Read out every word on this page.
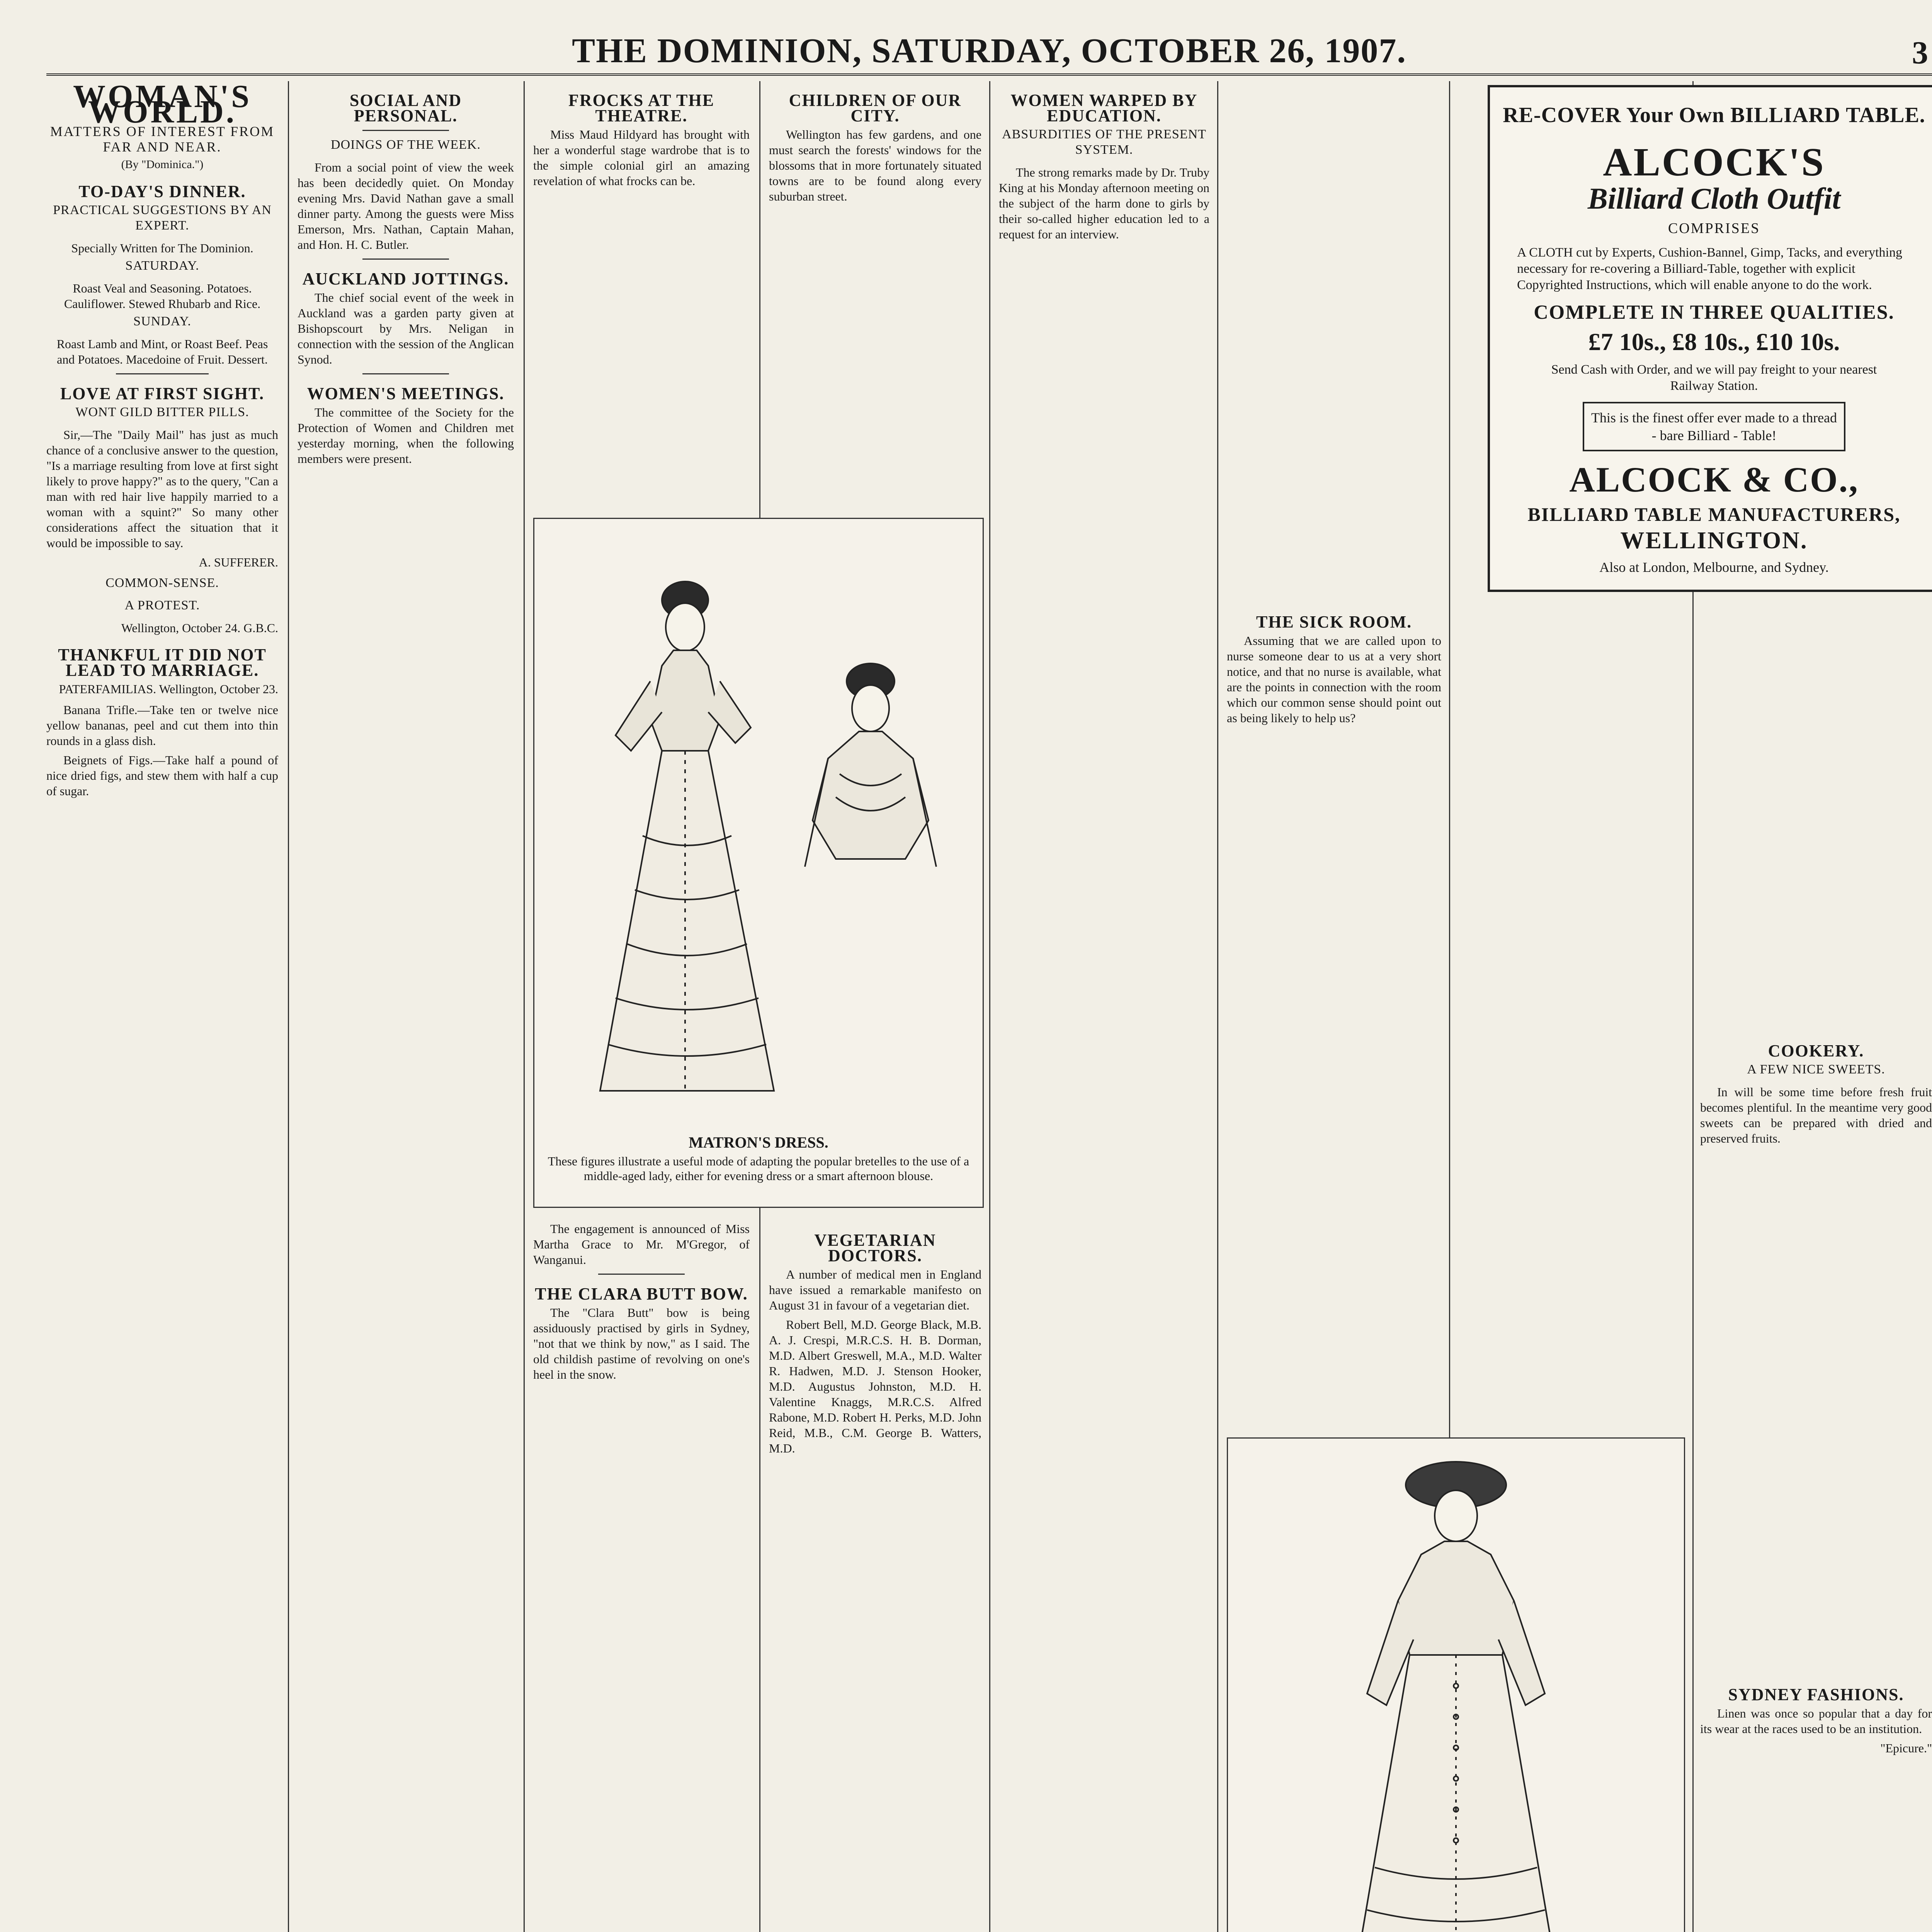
THE DOMINION, SATURDAY, OCTOBER 26, 1907.	3
WOMAN'S WORLD.
MATTERS OF INTEREST FROM FAR AND NEAR.
(By "Dominica.")
TO-DAY'S DINNER.
PRACTICAL SUGGESTIONS BY AN EXPERT.
Specially Written for The Dominion.
SATURDAY.
Roast Veal and Seasoning. Potatoes. Cauliflower. Stewed Rhubarb and Rice.
SUNDAY.
Roast Lamb and Mint, or Roast Beef. Peas and Potatoes. Macedoine of Fruit. Dessert.
LOVE AT FIRST SIGHT.
WONT GILD BITTER PILLS.

Sir,—The "Daily Mail" has just as much chance of a conclusive answer to the question, "Is a marriage resulting from love at first sight likely to prove happy?" as to the query, "Can a man with red hair live happily married to a woman with a squint?" So many other considerations affect the situation that it would be impossible to say.

A. SUFFERER.
COMMON-SENSE.
A PROTEST.
Wellington, October 24. G.B.C.
THANKFUL IT DID NOT LEAD TO MARRIAGE.
PATERFAMILIAS. Wellington, October 23.

Banana Trifle.—Take ten or twelve nice yellow bananas, peel and cut them into thin rounds in a glass dish.

Beignets of Figs.—Take half a pound of nice dried figs, and stew them with half a cup of sugar.

SOCIAL AND PERSONAL.
DOINGS OF THE WEEK.

From a social point of view the week has been decidedly quiet. On Monday evening Mrs. David Nathan gave a small dinner party. Among the guests were Miss Emerson, Mrs. Nathan, Captain Mahan, and Hon. H. C. Butler.

AUCKLAND JOTTINGS.

The chief social event of the week in Auckland was a garden party given at Bishopscourt by Mrs. Neligan in connection with the session of the Anglican Synod.

WOMEN'S MEETINGS.

The committee of the Society for the Protection of Women and Children met yesterday morning, when the following members were present.

FROCKS AT THE THEATRE.

Miss Maud Hildyard has brought with her a wonderful stage wardrobe that is to the simple colonial girl an amazing revelation of what frocks can be.

MATRON'S DRESS.
These figures illustrate a useful mode of adapting the popular bretelles to the use of a middle-aged lady, either for evening dress or a smart afternoon blouse.

The engagement is announced of Miss Martha Grace to Mr. M'Gregor, of Wanganui.

THE CLARA BUTT BOW.

The "Clara Butt" bow is being assiduously practised by girls in Sydney, "not that we think by now," as I said. The old childish pastime of revolving on one's heel in the snow.

CHILDREN OF OUR CITY.

Wellington has few gardens, and one must search the forests' windows for the blossoms that in more fortunately situated towns are to be found along every suburban street.

VEGETARIAN DOCTORS.

A number of medical men in England have issued a remarkable manifesto on August 31 in favour of a vegetarian diet.

Robert Bell, M.D. George Black, M.B. A. J. Crespi, M.R.C.S. H. B. Dorman, M.D. Albert Greswell, M.A., M.D. Walter R. Hadwen, M.D. J. Stenson Hooker, M.D. Augustus Johnston, M.D. H. Valentine Knaggs, M.R.C.S. Alfred Rabone, M.D. Robert H. Perks, M.D. John Reid, M.B., C.M. George B. Watters, M.D.

WOMEN WARPED BY EDUCATION.
ABSURDITIES OF THE PRESENT SYSTEM.

The strong remarks made by Dr. Truby King at his Monday afternoon meeting on the subject of the harm done to girls by their so-called higher education led to a request for an interview.

RE-COVER Your Own BILLIARD TABLE.
ALCOCK'S
Billiard Cloth Outfit
COMPRISES
A CLOTH cut by Experts, Cushion-Bannel, Gimp, Tacks, and everything necessary for re-covering a Billiard-Table, together with explicit Copyrighted Instructions, which will enable anyone to do the work.
COMPLETE IN THREE QUALITIES.
£7 10s., £8 10s., £10 10s.
Send Cash with Order, and we will pay freight to your nearest Railway Station.
This is the finest offer ever made to a thread - bare Billiard - Table!
ALCOCK & CO.,
BILLIARD TABLE MANUFACTURERS,
WELLINGTON.
Also at London, Melbourne, and Sydney.
THE SICK ROOM.

Assuming that we are called upon to nurse someone dear to us at a very short notice, and that no nurse is available, what are the points in connection with the room which our common sense should point out as being likely to help us?

COOKERY.
A FEW NICE SWEETS.

In will be some time before fresh fruit becomes plentiful. In the meantime very good sweets can be prepared with dried and preserved fruits.

SYDNEY FASHIONS.

Linen was once so popular that a day for its wear at the races used to be an institution.

"Epicure."
